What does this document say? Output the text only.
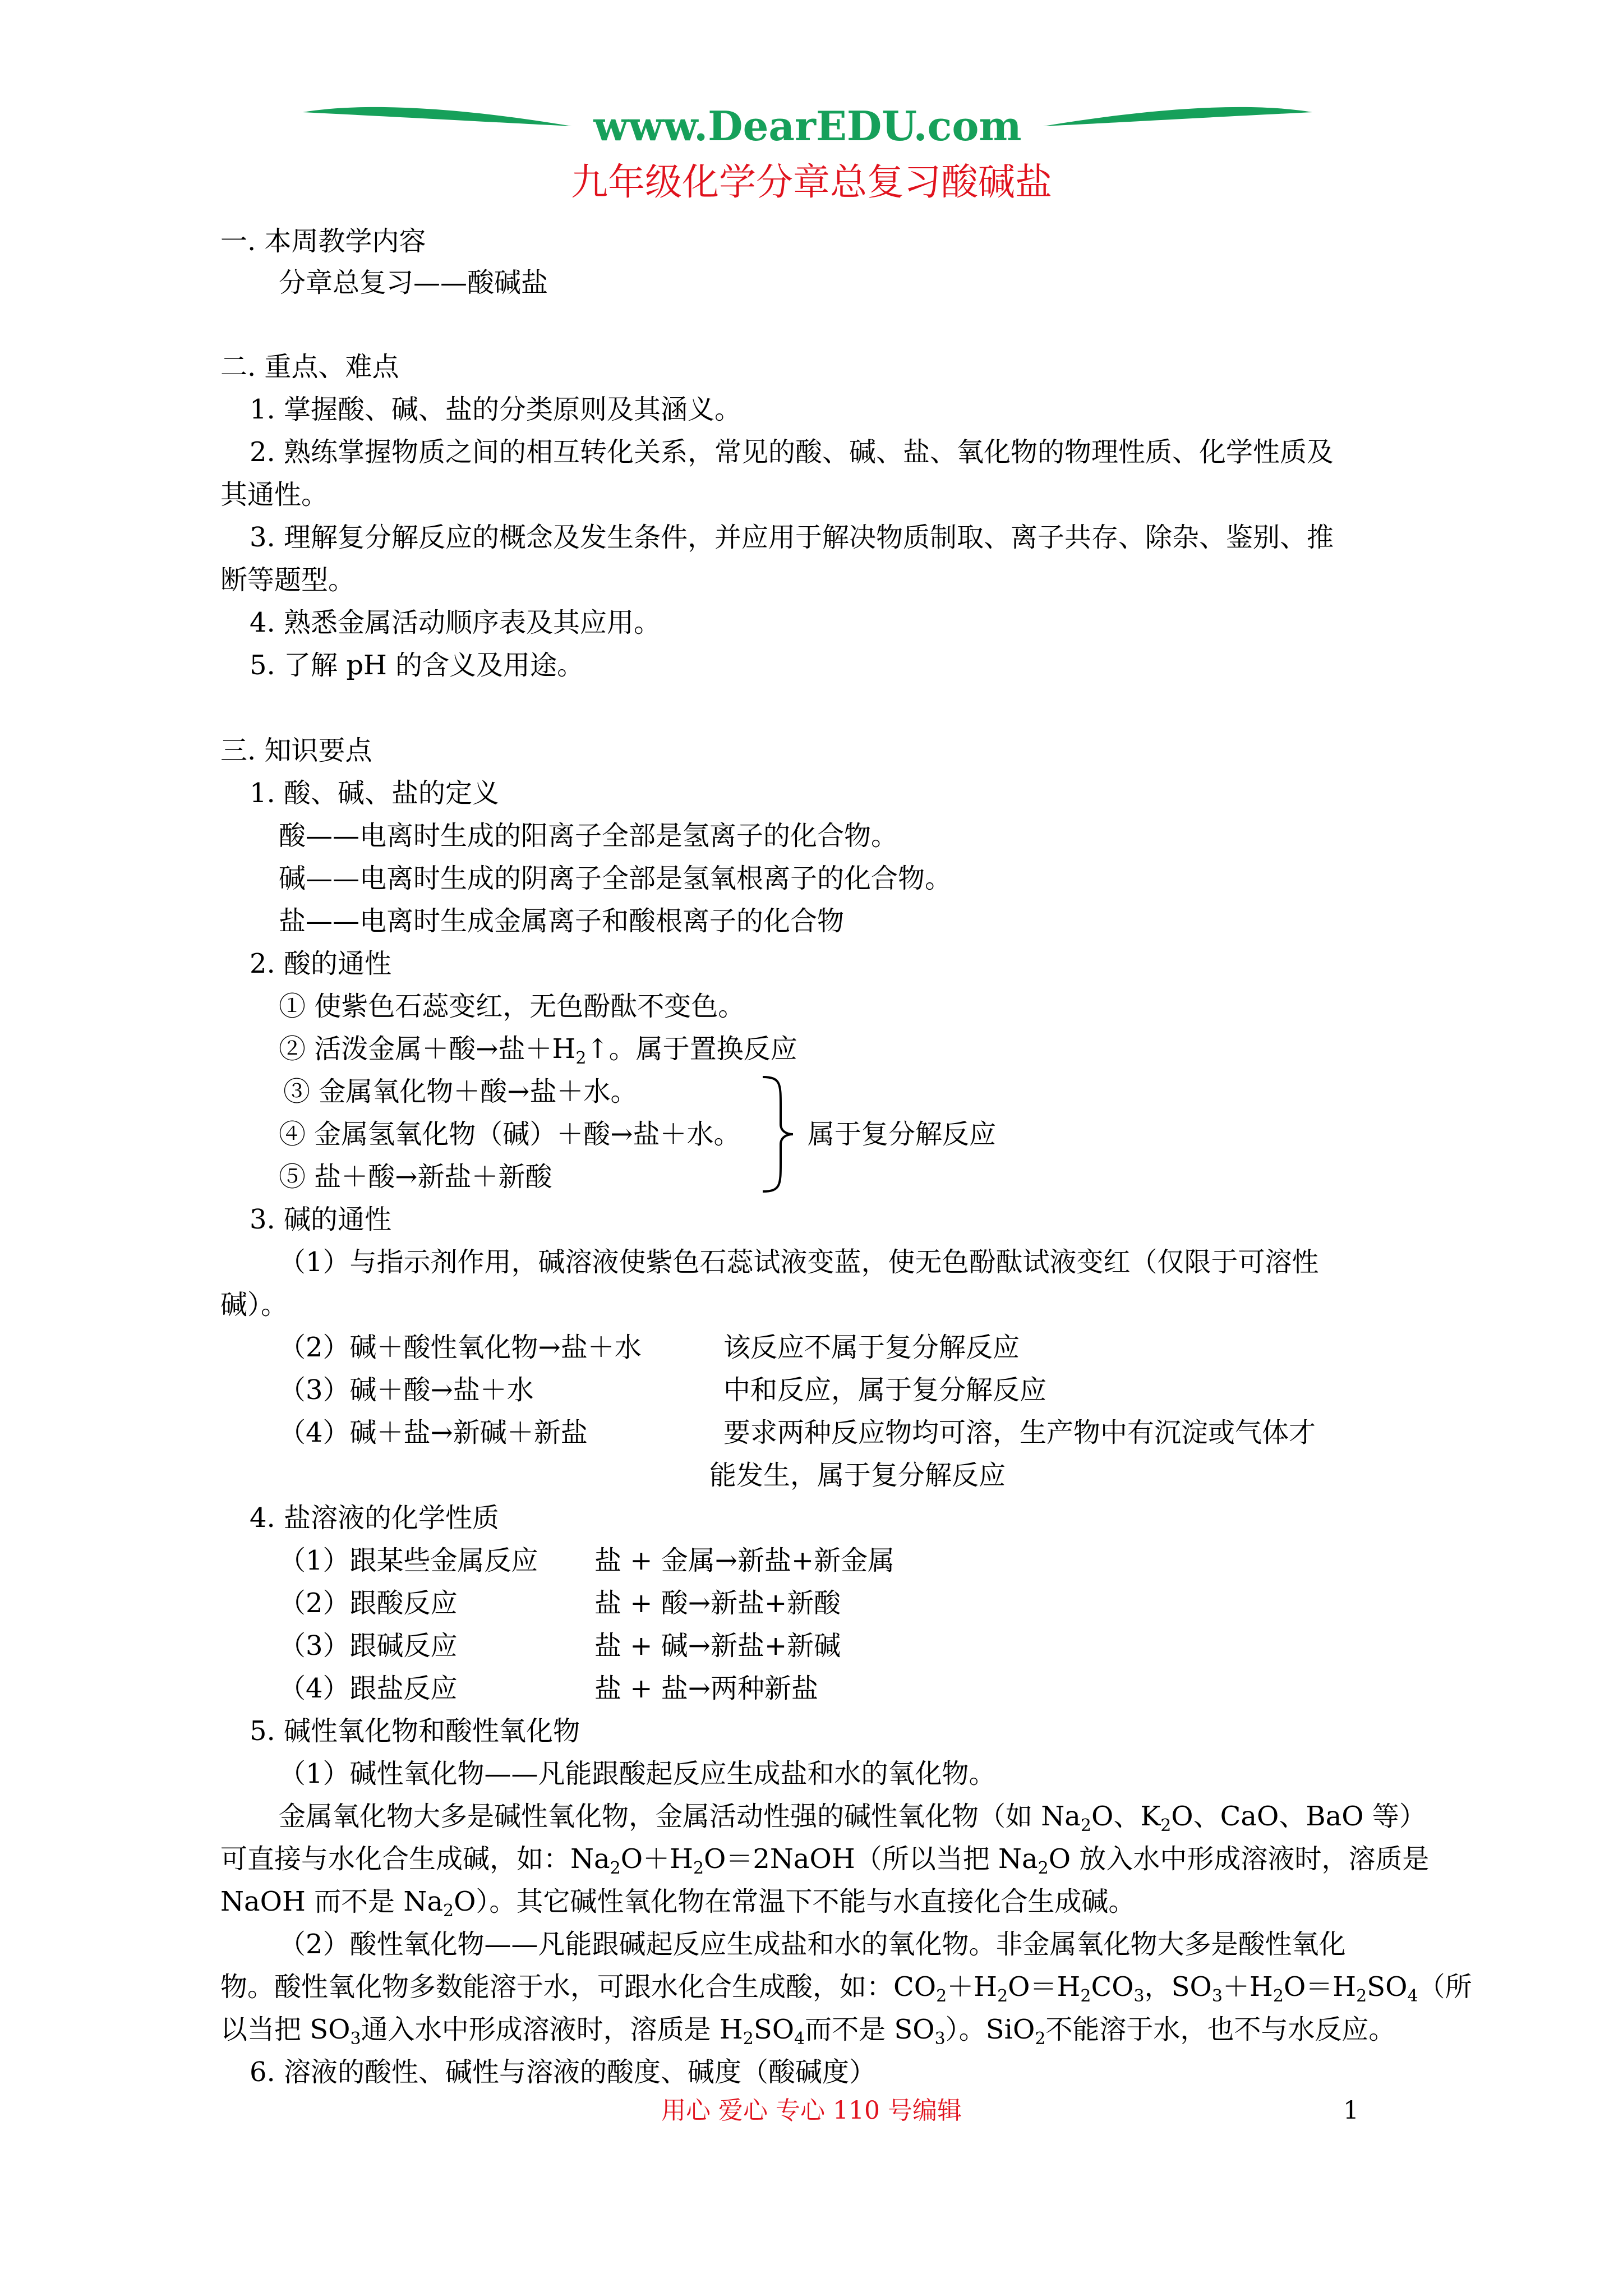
www.DearEDU.com
九年级化学分章总复习酸碱盐
一. 本周教学内容
分章总复习——酸碱盐
二. 重点、难点
1. 掌握酸、碱、盐的分类原则及其涵义。
2. 熟练掌握物质之间的相互转化关系，常见的酸、碱、盐、氧化物的物理性质、化学性质及
其通性。
3. 理解复分解反应的概念及发生条件，并应用于解决物质制取、离子共存、除杂、鉴别、推
断等题型。
4. 熟悉金属活动顺序表及其应用。
5. 了解 pH 的含义及用途。
三. 知识要点
1. 酸、碱、盐的定义
酸——电离时生成的阳离子全部是氢离子的化合物。
碱——电离时生成的阴离子全部是氢氧根离子的化合物。
盐——电离时生成金属离子和酸根离子的化合物
2. 酸的通性
① 使紫色石蕊变红，无色酚酞不变色。
② 活泼金属＋酸→盐$+H_2↑$。属于置换反应
③ 金属氧化物＋酸→盐＋水。
④ 金属氢氧化物（碱）＋酸→盐＋水。
⑤ 盐＋酸→新盐＋新酸
属于复分解反应
3. 碱的通性
（1）与指示剂作用，碱溶液使紫色石蕊试液变蓝，使无色酚酞试液变红（仅限于可溶性
碱）。
（2）碱＋酸性氧化物→盐＋水	该反应不属于复分解反应
（3）碱＋酸→盐＋水	中和反应，属于复分解反应
（4）碱＋盐→新碱＋新盐	要求两种反应物均可溶，生产物中有沉淀或气体才
能发生，属于复分解反应
4. 盐溶液的化学性质
（1）跟某些金属反应 盐 + 金属→新盐+新金属
（2）跟酸反应	盐 + 酸→新盐+新酸
（3）跟碱反应	盐 + 碱→新盐+新碱
（4）跟盐反应	盐 + 盐→两种新盐
5. 碱性氧化物和酸性氧化物
（1）碱性氧化物——凡能跟酸起反应生成盐和水的氧化物。
金属氧化物大多是碱性氧化物，金属活动性强的碱性氧化物（如 $Na_2O$、$K_2O$、CaO、BaO 等）
可直接与水化合生成碱，如：$Na_2O+H_2O=2NaOH$（所以当把 $Na_2O$ 放入水中形成溶液时，溶质是
NaOH 而不是 $Na_2O$）。其它碱性氧化物在常温下不能与水直接化合生成碱。
（2）酸性氧化物——凡能跟碱起反应生成盐和水的氧化物。非金属氧化物大多是酸性氧化
物。酸性氧化物多数能溶于水，可跟水化合生成酸，如：$CO_2+H_2O=H_2CO_3$，$SO_3+H_2O=H_2SO_4$（所
以当把 $SO_3$通入水中形成溶液时，溶质是 $H_2SO_4$而不是 $SO_3$）。SiO$_2$不能溶于水，也不与水反应。
6. 溶液的酸性、碱性与溶液的酸度、碱度（酸碱度）
用心 爱心 专心 110 号编辑	1
